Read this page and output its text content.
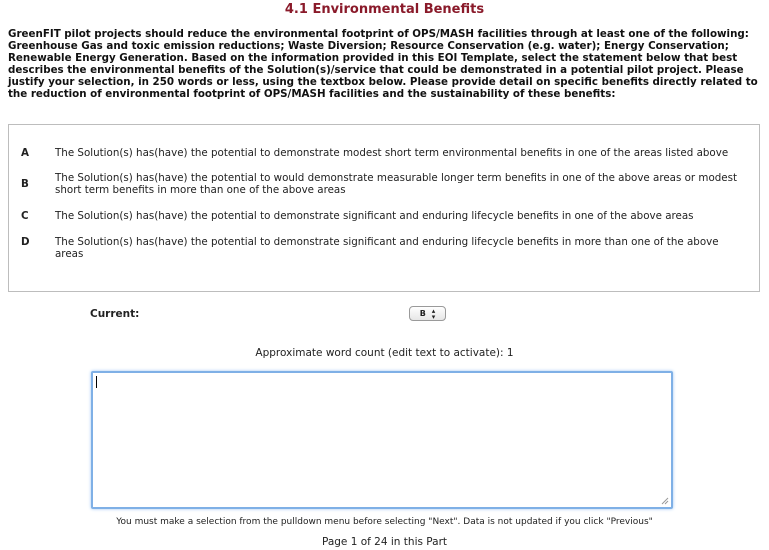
4.1 Environmental Benefits
GreenFIT pilot projects should reduce the environmental footprint of OPS/MASH facilities through at least one of the following: Greenhouse Gas and toxic emission reductions; Waste Diversion; Resource Conservation (e.g. water); Energy Conservation; Renewable Energy Generation. Based on the information provided in this EOI Template, select the statement below that best describes the environmental benefits of the Solution(s)/service that could be demonstrated in a potential pilot project. Please justify your selection, in 250 words or less, using the textbox below. Please provide detail on specific benefits directly related to the reduction of environmental footprint of OPS/MASH facilities and the sustainability of these benefits:
A	The Solution(s) has(have) the potential to demonstrate modest short term environmental benefits in one of the areas listed above
B	The Solution(s) has(have) the potential to would demonstrate measurable longer term benefits in one of the above areas or modest short term benefits in more than one of the above areas
C	The Solution(s) has(have) the potential to demonstrate significant and enduring lifecycle benefits in one of the above areas
D The Solution(s) has(have) the potential to demonstrate significant and enduring lifecycle benefits in more than one of the above areas
Current:	B ▴
▾
Approximate word count (edit text to activate): 1
You must make a selection from the pulldown menu before selecting "Next". Data is not updated if you click "Previous"
Page 1 of 24 in this Part
